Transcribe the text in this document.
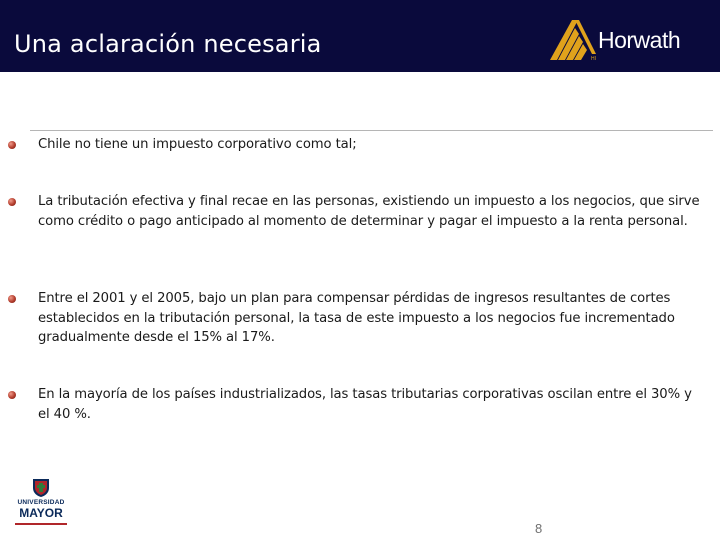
Una aclaración necesaria
HI
Horwath
Chile no tiene un impuesto corporativo como tal;
La tributación efectiva y final recae en las personas, existiendo un impuesto a los negocios, que sirve como crédito o pago anticipado al momento de determinar y pagar el impuesto a la renta personal.
Entre el 2001 y el 2005, bajo un plan para compensar pérdidas de ingresos resultantes de cortes establecidos en la tributación personal, la tasa de este impuesto a los negocios fue incrementado gradualmente desde el 15% al 17%.
En la mayoría de los países industrializados, las tasas tributarias corporativas oscilan entre el 30% y el 40 %.
UNIVERSIDAD
MAYOR
8
